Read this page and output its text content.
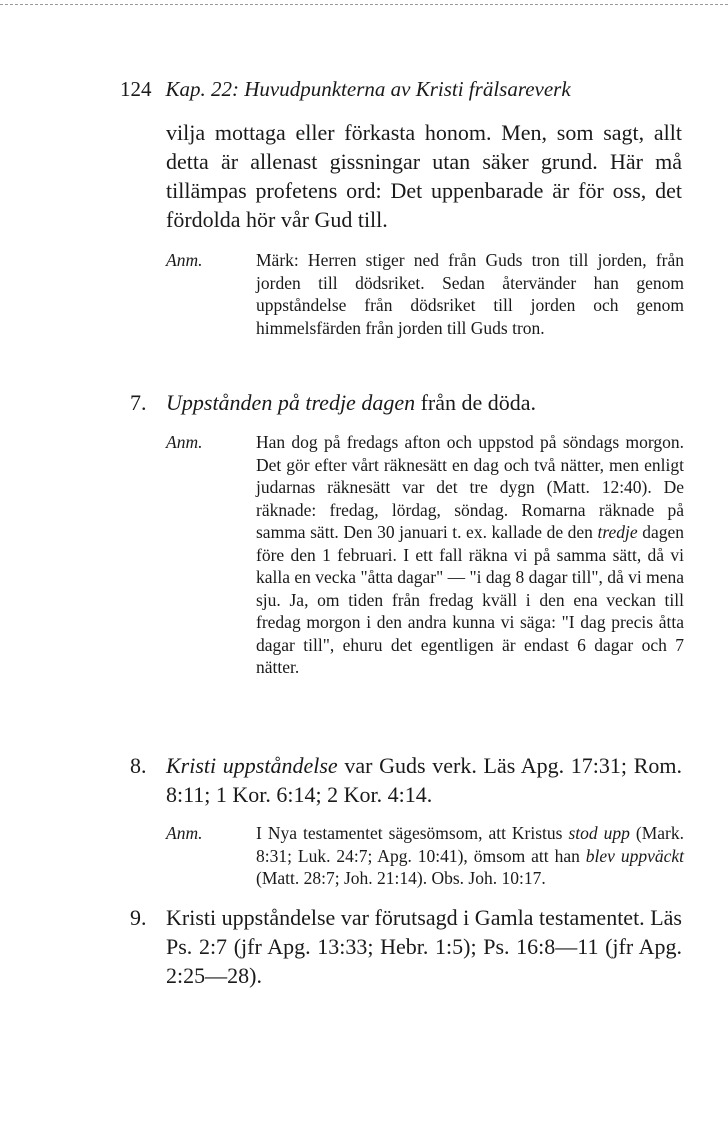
124 Kap. 22: Huvudpunkterna av Kristi frälsareverk
vilja mottaga eller förkasta honom. Men, som sagt, allt detta är allenast gissningar utan säker grund. Här må tillämpas profetens ord: Det uppenbarade är för oss, det fördolda hör vår Gud till.
Anm.	Märk: Herren stiger ned från Guds tron till jorden, från jorden till dödsriket. Sedan återvänder han genom uppståndelse från dödsriket till jorden och genom himmelsfärden från jorden till Guds tron.
7. Uppstånden på tredje dagen från de döda.
Anm.	Han dog på fredags afton och uppstod på söndags morgon. Det gör efter vårt räknesätt en dag och två nätter, men enligt judarnas räknesätt var det tre dygn (Matt. 12:40). De räknade: fredag, lördag, söndag. Romarna räknade på samma sätt. Den 30 januari t. ex. kallade de den tredje dagen före den 1 februari. I ett fall räkna vi på samma sätt, då vi kalla en vecka "åtta dagar" — "i dag 8 dagar till", då vi mena sju. Ja, om tiden från fredag kväll i den ena veckan till fredag morgon i den andra kunna vi säga: "I dag precis åtta dagar till", ehuru det egentligen är endast 6 dagar och 7 nätter.
8. Kristi uppståndelse var Guds verk. Läs Apg. 17:31; Rom. 8:11; 1 Kor. 6:14; 2 Kor. 4:14.
Anm.	I Nya testamentet sägesömsom, att Kristus stod upp (Mark. 8:31; Luk. 24:7; Apg. 10:41), ömsom att han blev uppväckt (Matt. 28:7; Joh. 21:14). Obs. Joh. 10:17.
9. Kristi uppståndelse var förutsagd i Gamla testamentet. Läs Ps. 2:7 (jfr Apg. 13:33; Hebr. 1:5); Ps. 16:8—11 (jfr Apg. 2:25—28).
